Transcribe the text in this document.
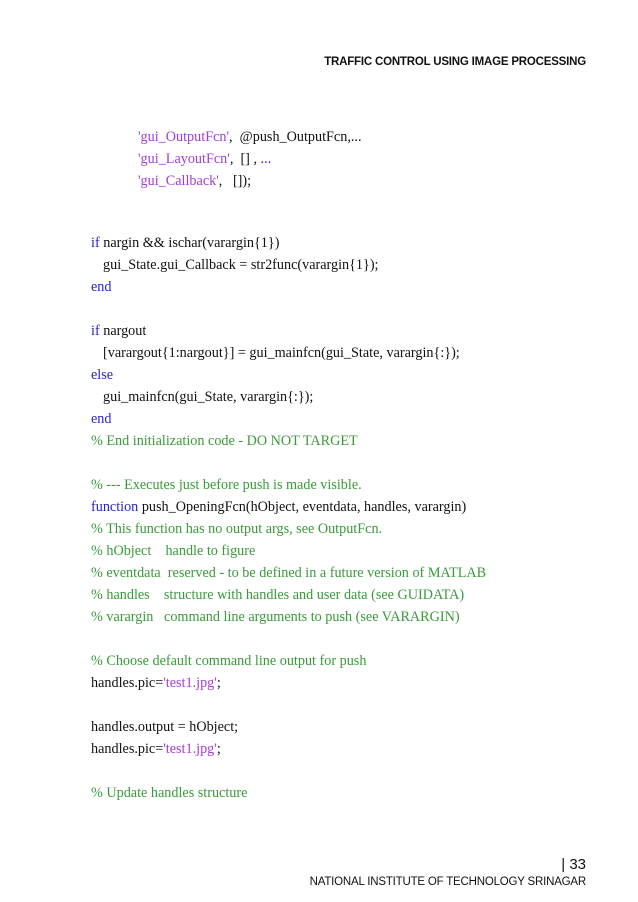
TRAFFIC CONTROL USING IMAGE PROCESSING
'gui_OutputFcn',  @push_OutputFcn,...
'gui_LayoutFcn',  [] , ...
'gui_Callback',   []);
if nargin && ischar(varargin{1})
gui_State.gui_Callback = str2func(varargin{1});
end
if nargout
[varargout{1:nargout}] = gui_mainfcn(gui_State, varargin{:});
else
gui_mainfcn(gui_State, varargin{:});
end
% End initialization code - DO NOT TARGET
% --- Executes just before push is made visible.
function push_OpeningFcn(hObject, eventdata, handles, varargin)
% This function has no output args, see OutputFcn.
% hObject    handle to figure
% eventdata  reserved - to be defined in a future version of MATLAB
% handles    structure with handles and user data (see GUIDATA)
% varargin   command line arguments to push (see VARARGIN)
% Choose default command line output for push
handles.pic='test1.jpg';
handles.output = hObject;
handles.pic='test1.jpg';
% Update handles structure
| 33
NATIONAL INSTITUTE OF TECHNOLOGY SRINAGAR
